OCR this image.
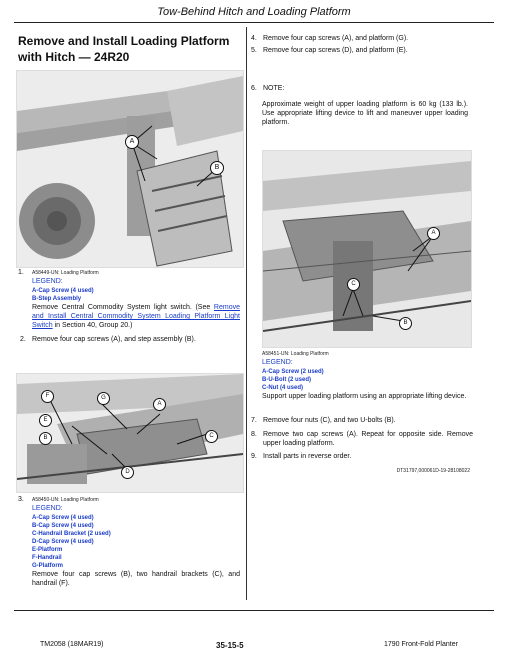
Tow-Behind Hitch and Loading Platform
Remove and Install Loading Platform with Hitch — 24R20
A
B
1. A58449-UN: Loading Platform
LEGEND:
A-Cap Screw (4 used)
B-Step Assembly
Remove Central Commodity System light switch. (See Remove and Install Central Commodity System Loading Platform Light Switch in Section 40, Group 20.)
2. Remove four cap screws (A), and step assembly (B).
F	G
A
E
B	C
D
3. A58450-UN: Loading Platform
LEGEND:
A-Cap Screw (4 used)
B-Cap Screw (4 used)
C-Handrail Bracket (2 used)
D-Cap Screw (4 used)
E-Platform
F-Handrail
G-Platform
Remove four cap screws (B), two handrail brackets (C), and handrail (F).
4. Remove four cap screws (A), and platform (G).
5. Remove four cap screws (D), and platform (E).
6. NOTE:
Approximate weight of upper loading platform is 60 kg (133 lb.). Use appropriate lifting device to lift and maneuver upper loading platform.
A
C
B
A58451-UN: Loading Platform
LEGEND:
A-Cap Screw (2 used)
B-U-Bolt (2 used)
C-Nut (4 used)
Support upper loading platform using an appropriate lifting device.
7. Remove four nuts (C), and two U-bolts (B).
8. Remove two cap screws (A). Repeat for opposite side. Remove upper loading platform.
9. Install parts in reverse order.
DT31797,000061D-19-28108022
TM2058 (18MAR19)	35-15-5	1790 Front-Fold Planter
